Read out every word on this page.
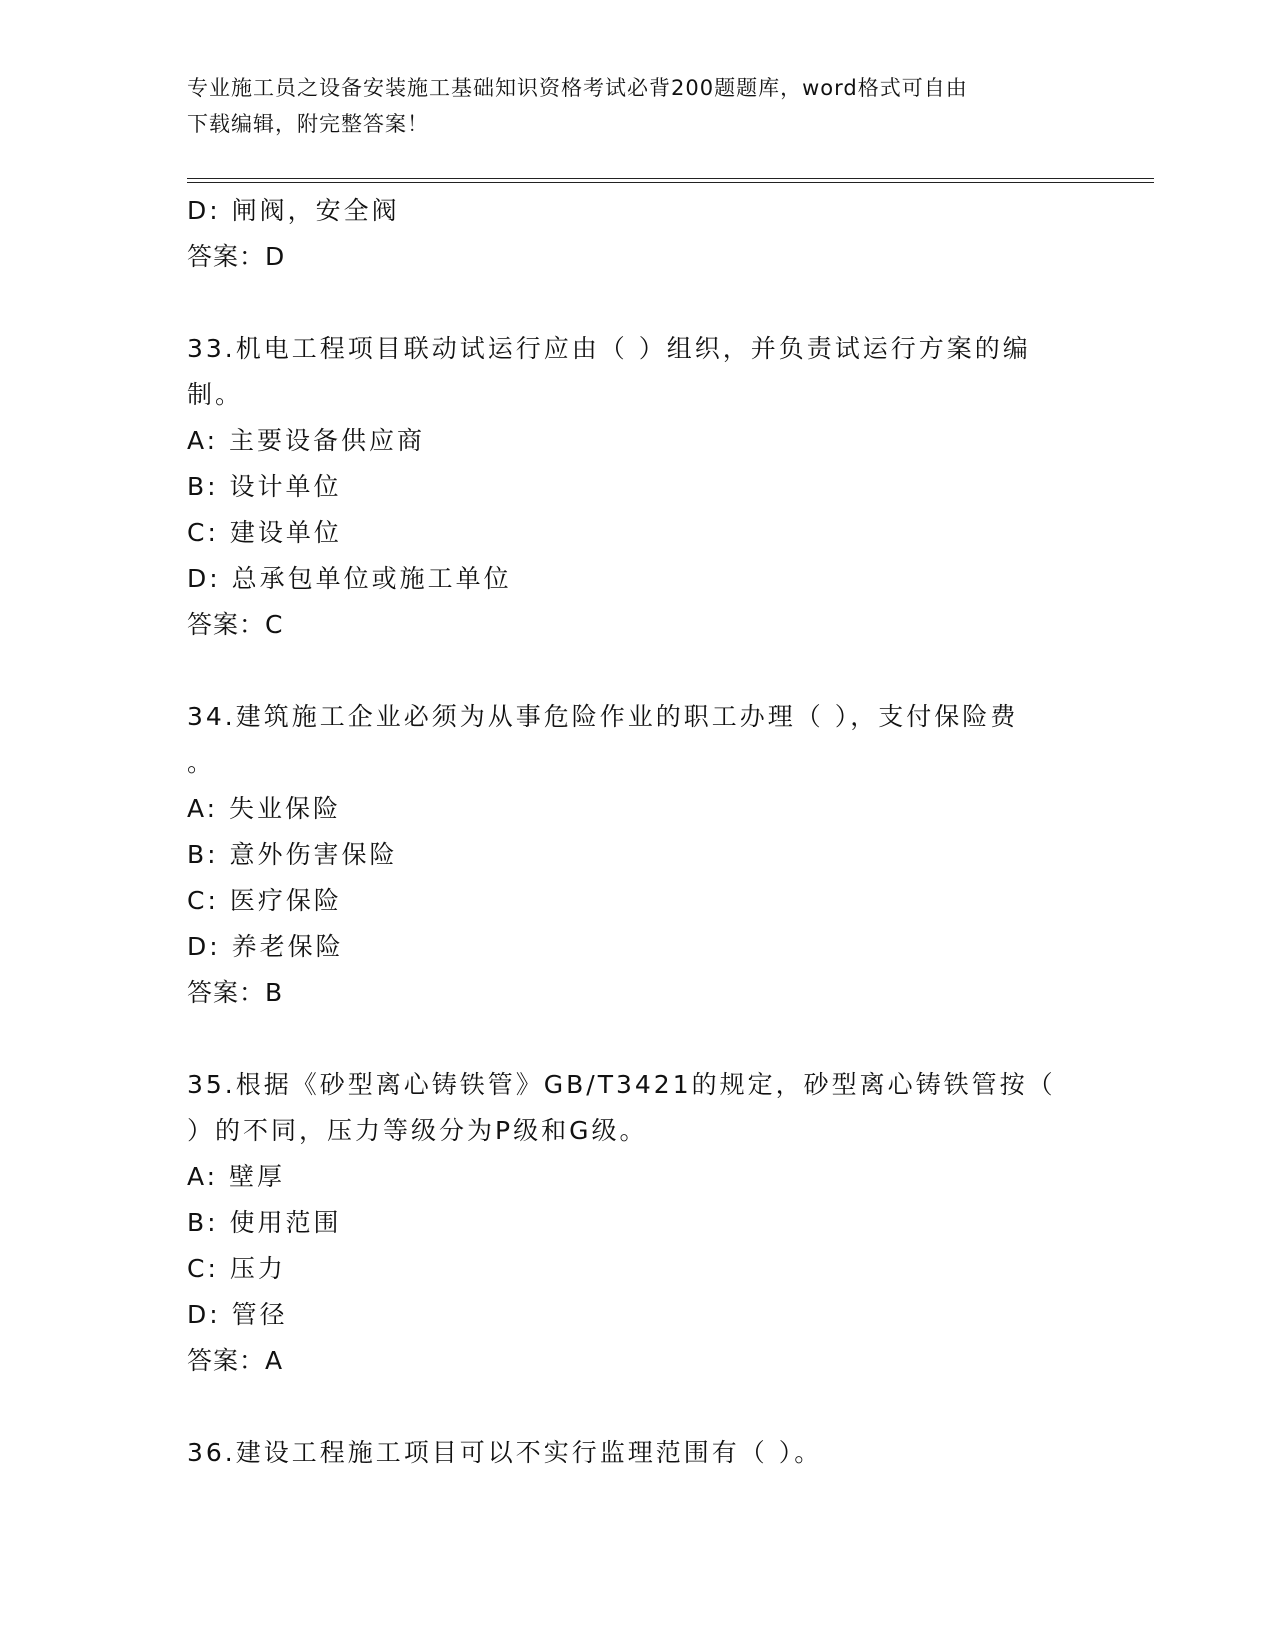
专业施工员之设备安装施工基础知识资格考试必背200题题库，word格式可自由
下载编辑，附完整答案！
D: 闸阀，安全阀
答案：D
33.机电工程项目联动试运行应由（ ）组织，并负责试运行方案的编
制。
A: 主要设备供应商
B: 设计单位
C: 建设单位
D: 总承包单位或施工单位
答案：C
34.建筑施工企业必须为从事危险作业的职工办理（ ），支付保险费
。
A: 失业保险
B: 意外伤害保险
C: 医疗保险
D: 养老保险
答案：B
35.根据《砂型离心铸铁管》GB/T3421的规定，砂型离心铸铁管按（
）的不同，压力等级分为P级和G级。
A: 壁厚
B: 使用范围
C: 压力
D: 管径
答案：A
36.建设工程施工项目可以不实行监理范围有（ ）。
